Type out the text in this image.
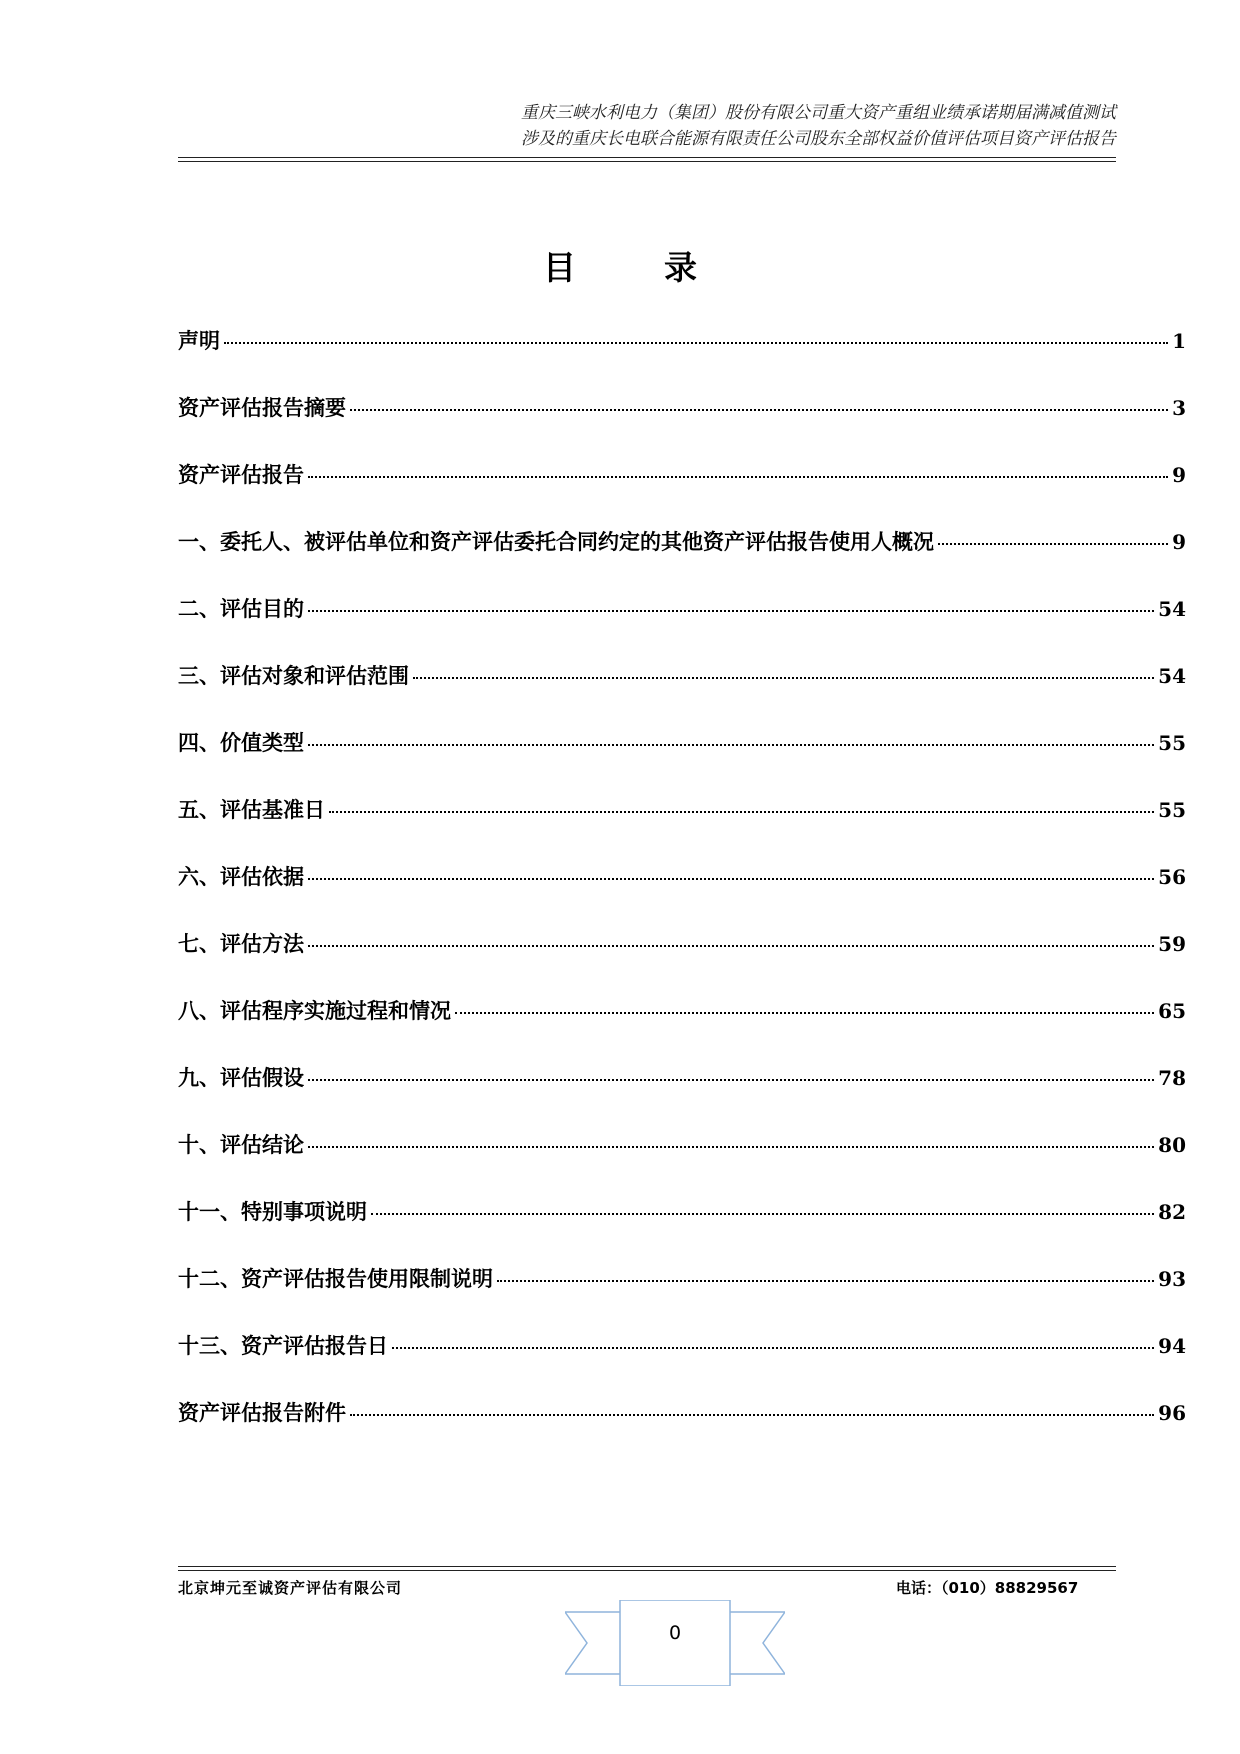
重庆三峡水利电力（集团）股份有限公司重大资产重组业绩承诺期届满减值测试
涉及的重庆长电联合能源有限责任公司股东全部权益价值评估项目资产评估报告
目录
声明	1
资产评估报告摘要	3
资产评估报告	9
一、委托人、被评估单位和资产评估委托合同约定的其他资产评估报告使用人概况	9
二、评估目的	54
三、评估对象和评估范围	54
四、价值类型	55
五、评估基准日	55
六、评估依据	56
七、评估方法	59
八、评估程序实施过程和情况	65
九、评估假设	78
十、评估结论	80
十一、特别事项说明	82
十二、资产评估报告使用限制说明	93
十三、资产评估报告日	94
资产评估报告附件	96
北京坤元至诚资产评估有限公司	电话：（010）88829567
0
